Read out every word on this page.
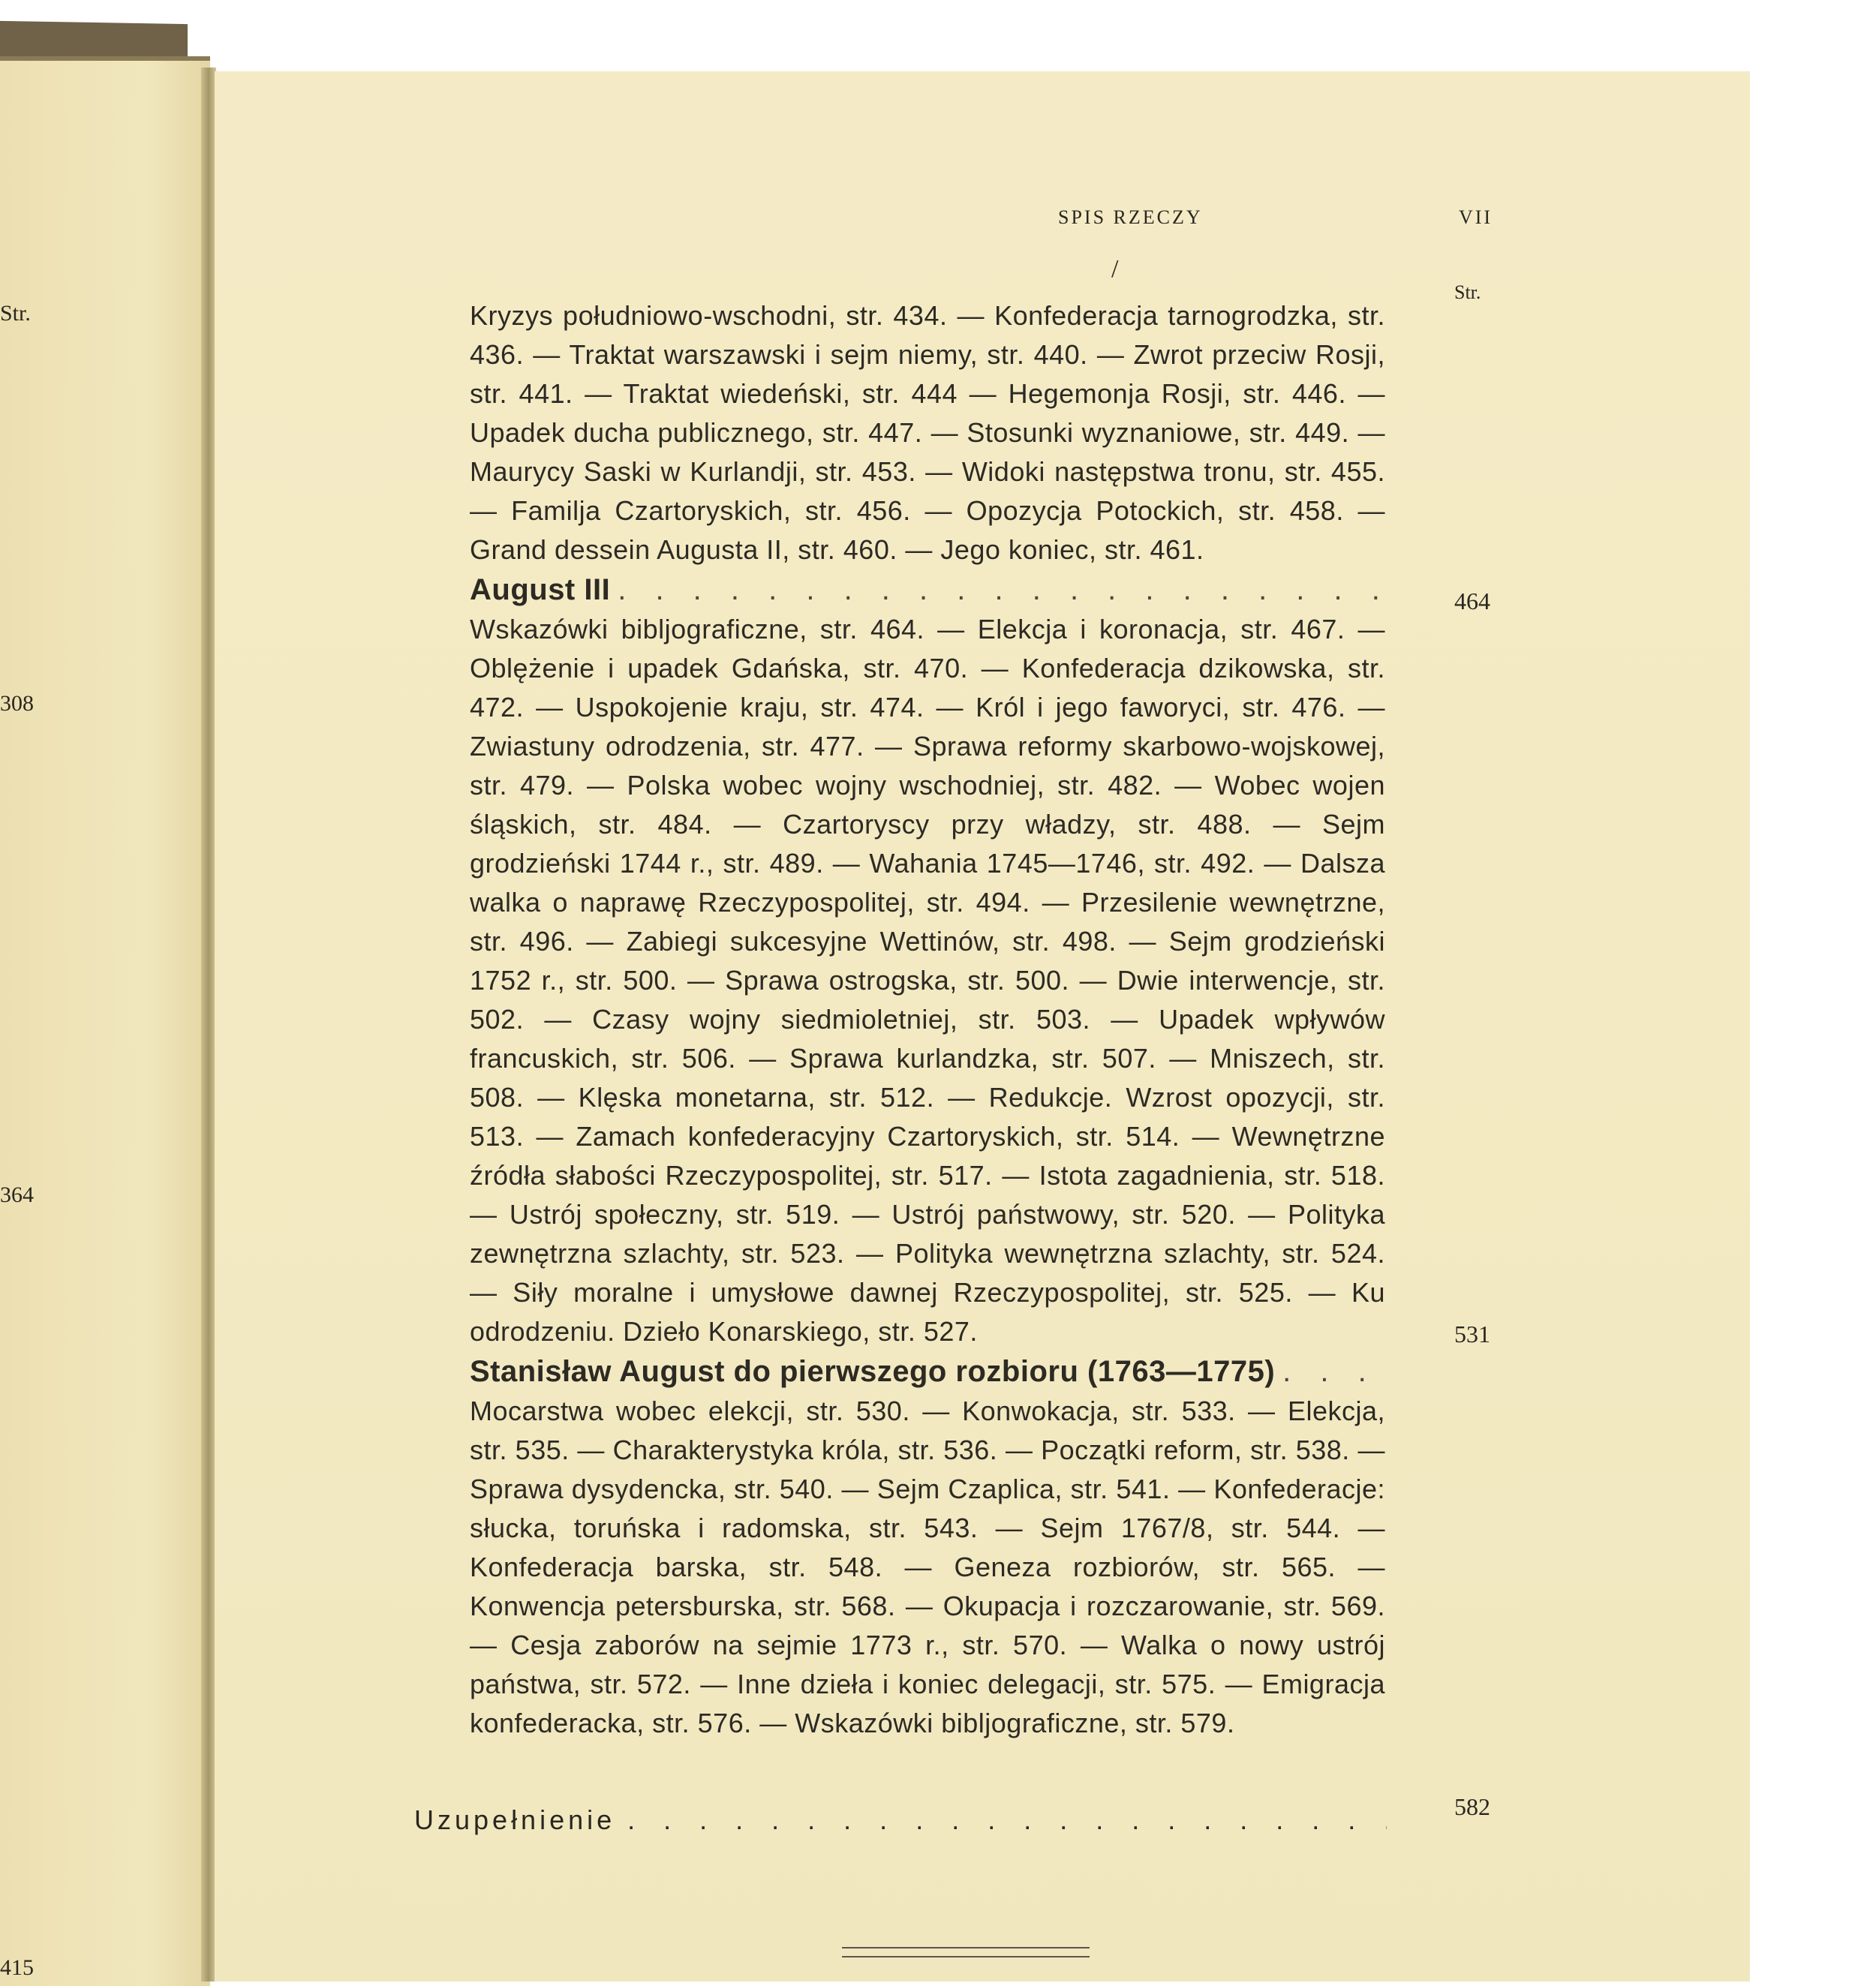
Str.
308
364
415
SPIS RZECZY	VII
/
Str.

Kryzys południowo-wschodni, str. 434. — Konfederacja tarnogrodzka, str. 436. — Traktat warszawski i sejm niemy, str. 440. — Zwrot przeciw Rosji, str. 441. — Traktat wiedeński, str. 444 — Hegemonja Rosji, str. 446. — Upadek ducha publicznego, str. 447. — Stosunki wyznaniowe, str. 449. — Maurycy Saski w Kurlandji, str. 453. — Widoki następstwa tronu, str. 455. — Familja Czartoryskich, str. 456. — Opozycja Potockich, str. 458. — Grand dessein Augusta II, str. 460. — Jego koniec, str. 461.

August III
. . .

Wskazówki bibljograficzne, str. 464. — Elekcja i koronacja, str. 467. — Oblężenie i upadek Gdańska, str. 470. — Konfederacja dzikowska, str. 472. — Uspokojenie kraju, str. 474. — Król i jego faworyci, str. 476. — Zwiastuny odrodzenia, str. 477. — Sprawa reformy skarbowo-wojskowej, str. 479. — Polska wobec wojny wschodniej, str. 482. — Wobec wojen śląskich, str. 484. — Czartoryscy przy władzy, str. 488. — Sejm grodzieński 1744 r., str. 489. — Wahania 1745—1746, str. 492. — Dalsza walka o naprawę Rzeczypospolitej, str. 494. — Przesilenie wewnętrzne, str. 496. — Zabiegi sukcesyjne Wettinów, str. 498. — Sejm grodzieński 1752 r., str. 500. — Sprawa ostrogska, str. 500. — Dwie interwencje, str. 502. — Czasy wojny siedmioletniej, str. 503. — Upadek wpływów francuskich, str. 506. — Sprawa kurlandzka, str. 507. — Mniszech, str. 508. — Klęska monetarna, str. 512. — Redukcje. Wzrost opozycji, str. 513. — Zamach konfederacyjny Czartoryskich, str. 514. — Wewnętrzne źródła słabości Rzeczypospolitej, str. 517. — Istota zagadnienia, str. 518. — Ustrój społeczny, str. 519. — Ustrój państwowy, str. 520. — Polityka zewnętrzna szlachty, str. 523. — Polityka wewnętrzna szlachty, str. 524. — Siły moralne i umysłowe dawnej Rzeczypospolitej, str. 525. — Ku odrodzeniu. Dzieło Konarskiego, str. 527.

Stanisław August do pierwszego rozbioru (1763—1775)
. . .

Mocarstwa wobec elekcji, str. 530. — Konwokacja, str. 533. — Elekcja, str. 535. — Charakterystyka króla, str. 536. — Początki reform, str. 538. — Sprawa dysydencka, str. 540. — Sejm Czaplica, str. 541. — Konfederacje: słucka, toruńska i radomska, str. 543. — Sejm 1767/8, str. 544. — Konfederacja barska, str. 548. — Geneza rozbiorów, str. 565. — Konwencja petersburska, str. 568. — Okupacja i rozczarowanie, str. 569. — Cesja zaborów na sejmie 1773 r., str. 570. — Walka o nowy ustrój państwa, str. 572. — Inne dzieła i koniec delegacji, str. 575. — Emigracja konfederacka, str. 576. — Wskazówki bibljograficzne, str. 579.

464
531
Uzupełnienie
. . .	582
